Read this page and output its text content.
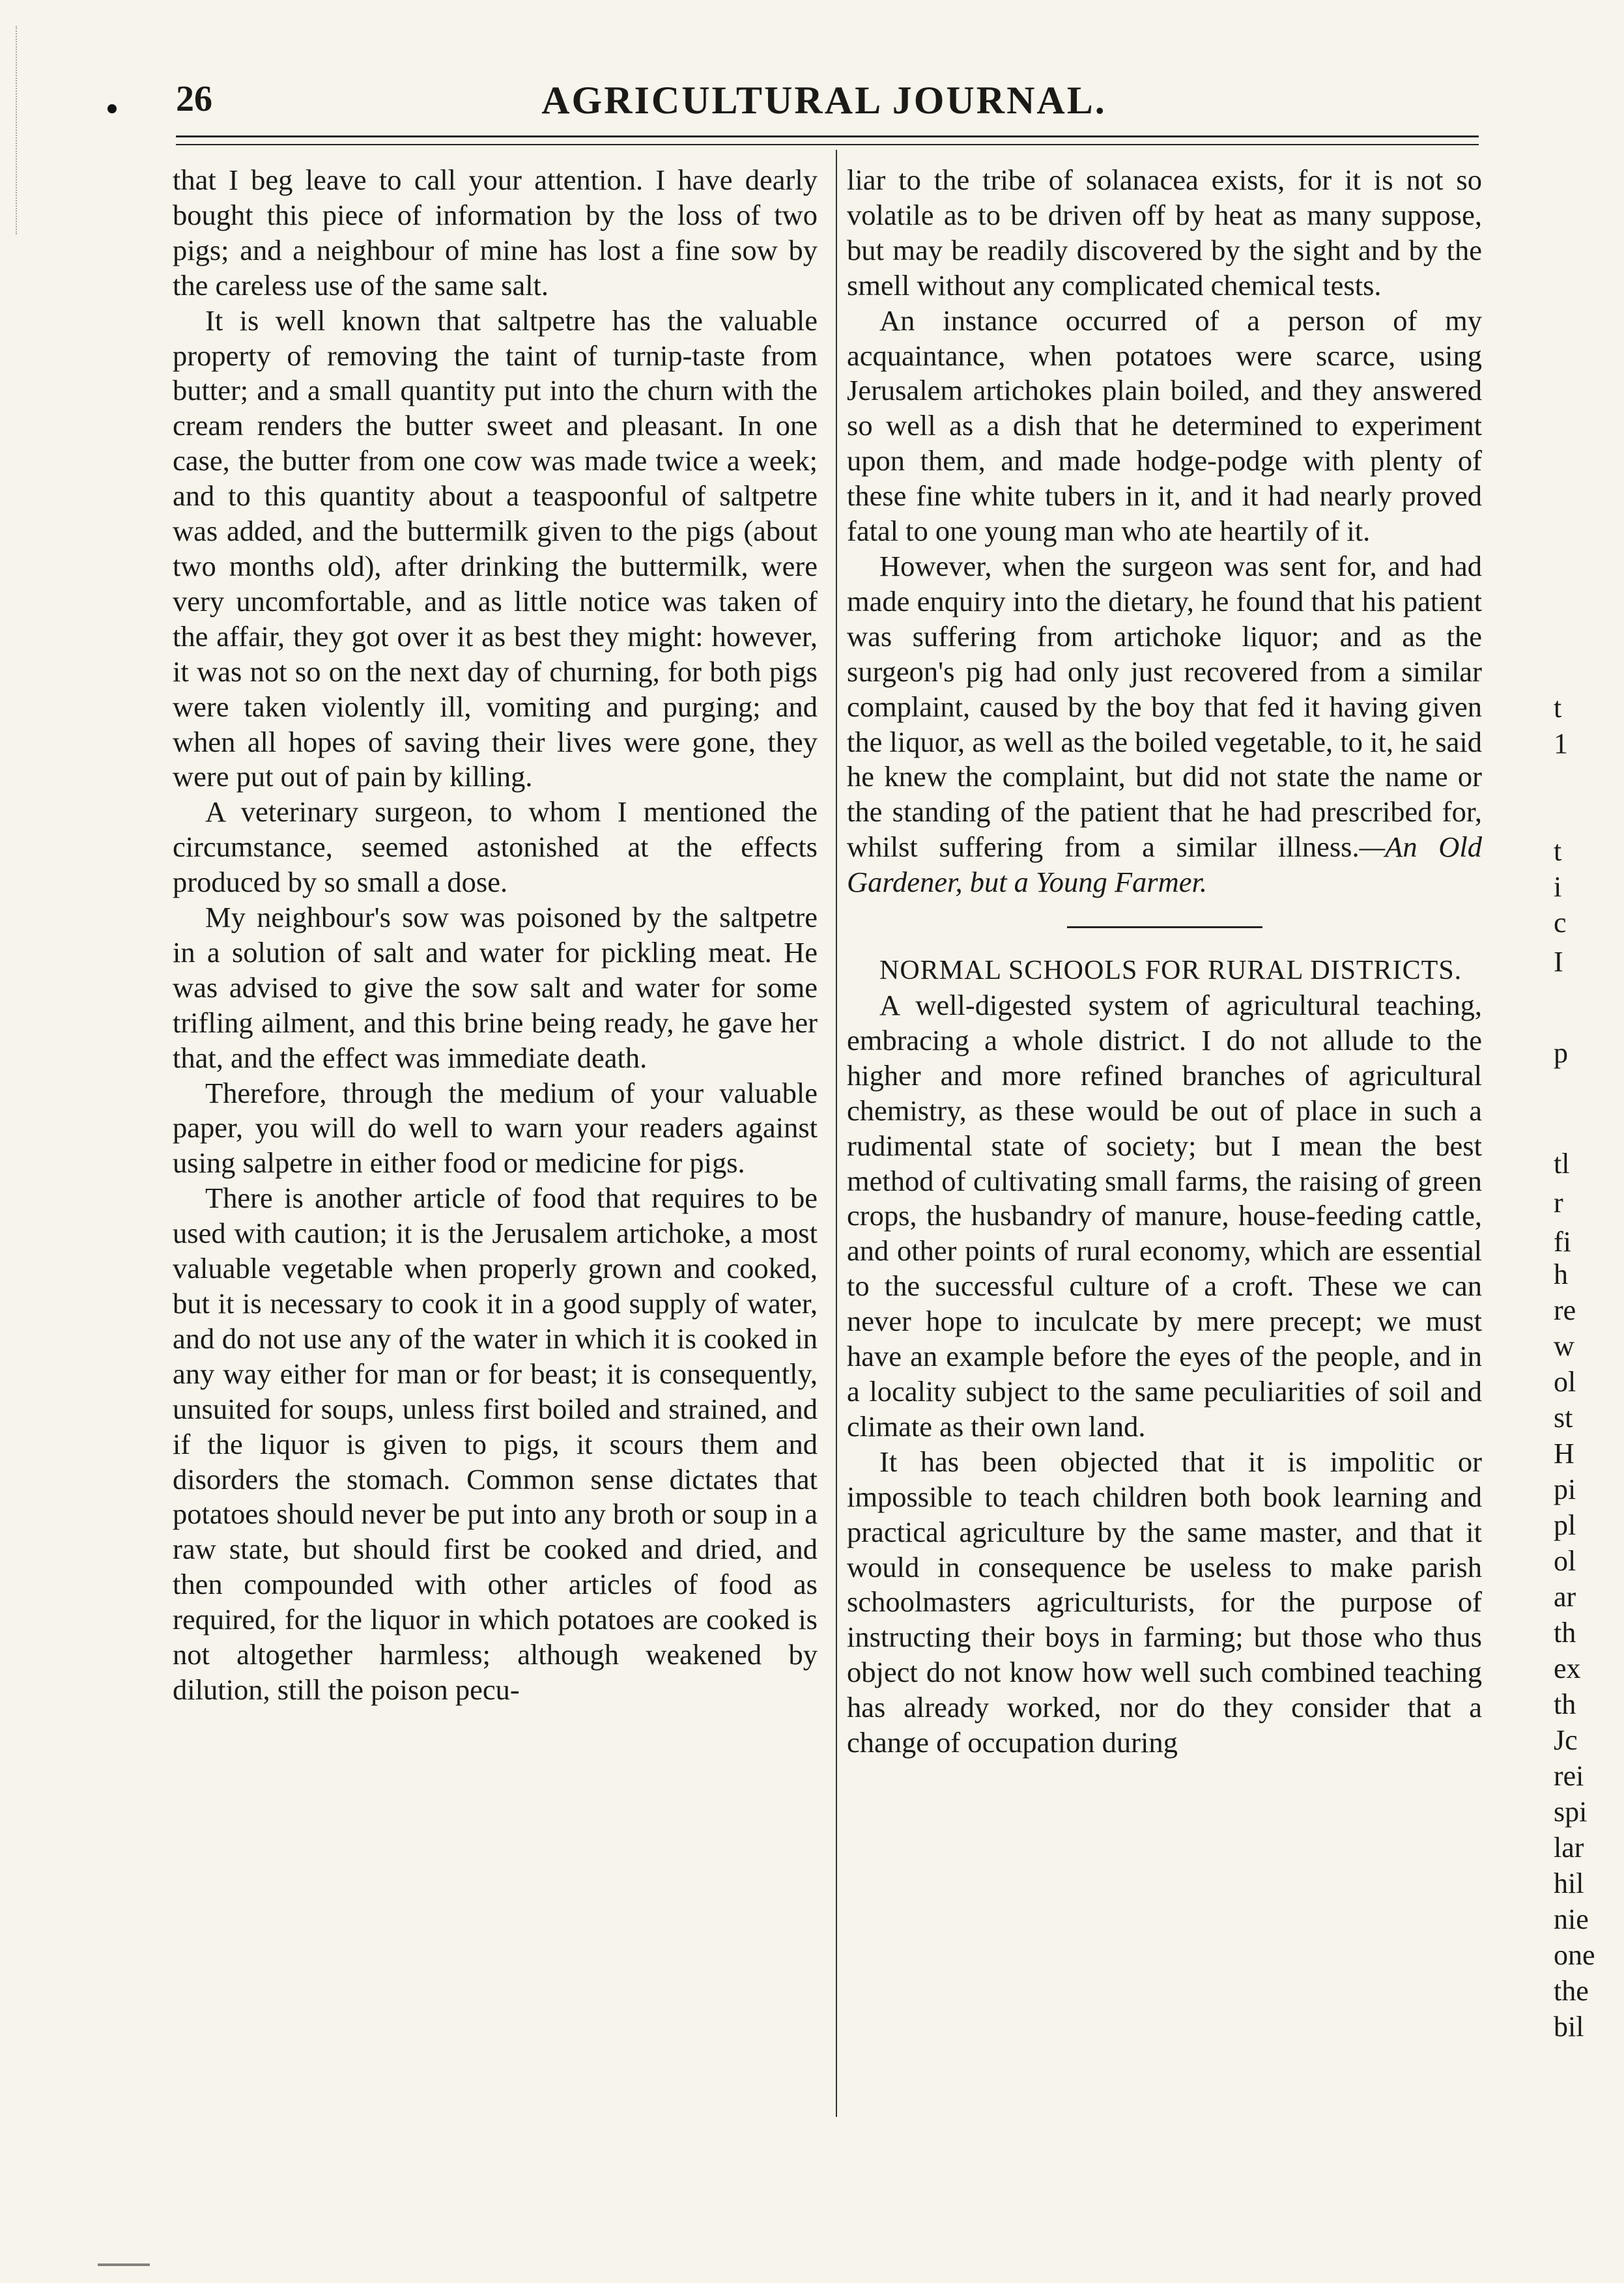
26	AGRICULTURAL JOURNAL.

that I beg leave to call your attention. I have dearly bought this piece of information by the loss of two pigs; and a neighbour of mine has lost a fine sow by the careless use of the same salt.

It is well known that saltpetre has the valuable property of removing the taint of turnip-taste from butter; and a small quantity put into the churn with the cream renders the butter sweet and pleasant. In one case, the butter from one cow was made twice a week; and to this quantity about a teaspoonful of saltpetre was added, and the buttermilk given to the pigs (about two months old), after drinking the buttermilk, were very uncomfortable, and as little notice was taken of the affair, they got over it as best they might: however, it was not so on the next day of churning, for both pigs were taken violently ill, vomiting and purging; and when all hopes of saving their lives were gone, they were put out of pain by killing.

A veterinary surgeon, to whom I mentioned the circumstance, seemed astonished at the effects produced by so small a dose.

My neighbour's sow was poisoned by the saltpetre in a solution of salt and water for pickling meat. He was advised to give the sow salt and water for some trifling ailment, and this brine being ready, he gave her that, and the effect was immediate death.

Therefore, through the medium of your valuable paper, you will do well to warn your readers against using salpetre in either food or medicine for pigs.

There is another article of food that requires to be used with caution; it is the Jerusalem artichoke, a most valuable vegetable when properly grown and cooked, but it is necessary to cook it in a good supply of water, and do not use any of the water in which it is cooked in any way either for man or for beast; it is consequently, unsuited for soups, unless first boiled and strained, and if the liquor is given to pigs, it scours them and disorders the stomach. Common sense dictates that potatoes should never be put into any broth or soup in a raw state, but should first be cooked and dried, and then compounded with other articles of food as required, for the liquor in which potatoes are cooked is not altogether harmless; although weakened by dilution, still the poison pecu-

liar to the tribe of solanacea exists, for it is not so volatile as to be driven off by heat as many suppose, but may be readily discovered by the sight and by the smell without any complicated chemical tests.

An instance occurred of a person of my acquaintance, when potatoes were scarce, using Jerusalem artichokes plain boiled, and they answered so well as a dish that he determined to experiment upon them, and made hodge-podge with plenty of these fine white tubers in it, and it had nearly proved fatal to one young man who ate heartily of it.

However, when the surgeon was sent for, and had made enquiry into the dietary, he found that his patient was suffering from artichoke liquor; and as the surgeon's pig had only just recovered from a similar complaint, caused by the boy that fed it having given the liquor, as well as the boiled vegetable, to it, he said he knew the complaint, but did not state the name or the standing of the patient that he had prescribed for, whilst suffering from a similar illness.—An Old Gardener, but a Young Farmer.

NORMAL SCHOOLS FOR RURAL DISTRICTS.

A well-digested system of agricultural teaching, embracing a whole district. I do not allude to the higher and more refined branches of agricultural chemistry, as these would be out of place in such a rudimental state of society; but I mean the best method of cultivating small farms, the raising of green crops, the husbandry of manure, house-feeding cattle, and other points of rural economy, which are essential to the successful culture of a croft. These we can never hope to inculcate by mere precept; we must have an example before the eyes of the people, and in a locality subject to the same peculiarities of soil and climate as their own land.

It has been objected that it is impolitic or impossible to teach children both book learning and practical agriculture by the same master, and that it would in consequence be useless to make parish schoolmasters agriculturists, for the purpose of instructing their boys in farming; but those who thus object do not know how well such combined teaching has already worked, nor do they consider that a change of occupation during

t
1
t
i
c
I
p
tl
r
fi
h
re
w
ol
st
H
pi
pl
ol
ar
th
ex
th
Jc
rei
spi
lar
hil
nie
one
the
bil
